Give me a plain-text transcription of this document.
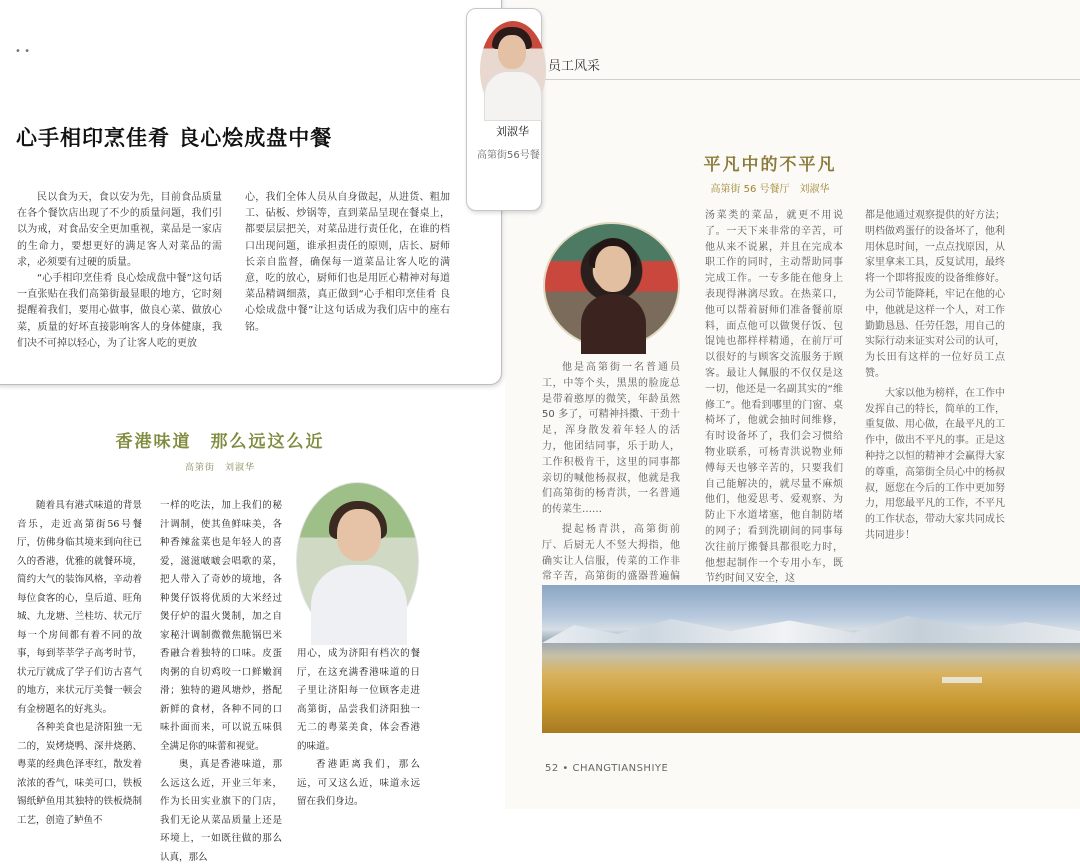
员工风采
平凡中的不平凡
高第街 56 号餐厅　刘淑华

他是高第街一名普通员工，中等个头，黑黑的脸庞总是带着憨厚的微笑，年龄虽然 50 多了，可精神抖擞、干劲十足，浑身散发着年轻人的活力，他团结同事，乐于助人，工作积极肯干，这里的同事都亲切的喊他杨叔叔，他就是我们高第街的杨青洪，一名普通的传菜生……

提起杨青洪，高第街前厅、后厨无人不竖大拇指，他确实让人信服，传菜的工作非常辛苦，高第街的盛器普遍偏

汤菜类的菜品，就更不用说了。一天下来非常的辛苦，可他从来不说累，并且在完成本职工作的同时，主动帮助同事完成工作。一专多能在他身上表现得淋漓尽致。在热菜口，他可以帮着厨师们准备餐前原料，面点他可以做煲仔饭、包馄饨也都样样精通，在前厅可以很好的与顾客交流服务于顾客。最让人佩服的不仅仅是这一切，他还是一名副其实的“维修工”。他看到哪里的门窗、桌椅坏了，他就会抽时间维修，有时设备坏了，我们会习惯给物业联系，可杨青洪说物业师傅每天也够辛苦的，只要我们自己能解决的，就尽量不麻烦他们，他爱思考、爱观察、为防止下水道堵塞，他自制防堵的网子；看到洗刷间的同事每次往前厅搬餐具都很吃力时，他想起制作一个专用小车，既节约时间又安全，这

都是他通过观察提供的好方法；明档做鸡蛋仔的设备坏了，他利用休息时间，一点点找原因，从家里拿来工具，反复试用，最终将一个即将报废的设备维修好。为公司节能降耗，牢记在他的心中，他就是这样一个人，对工作勤勤恳恳、任劳任怨，用自己的实际行动来证实对公司的认可，为长田有这样的一位好员工点赞。

大家以他为榜样，在工作中发挥自己的特长，简单的工作，重复做、用心做，在最平凡的工作中，做出不平凡的事。正是这种持之以恒的精神才会赢得大家的尊重，高第街全员心中的杨叔叔，愿您在今后的工作中更加努力，用您最平凡的工作，不平凡的工作状态，带动大家共同成长共同进步！

52 • CHANGTIANSHIYE
• •
心手相印烹佳肴 良心烩成盘中餐

民以食为天，食以安为先，目前食品质量在各个餐饮店出现了不少的质量问题，我们引以为戒，对食品安全更加重视，菜品是一家店的生命力，要想更好的满足客人对菜品的需求，必须要有过硬的质量。

“心手相印烹佳肴 良心烩成盘中餐”这句话一直张贴在我们高第街最显眼的地方，它时刻提醒着我们，要用心做事，做良心菜、做放心菜，质量的好坏直接影响客人的身体健康，我们决不可掉以轻心，为了让客人吃的更放

心，我们全体人员从自身做起，从进货、粗加工、砧板、炒锅等，直到菜品呈现在餐桌上，都要层层把关，对菜品进行责任化，在谁的档口出现问题，谁承担责任的原则，店长、厨师长亲自监督，确保每一道菜品让客人吃的满意，吃的放心，厨师们也是用匠心精神对每道菜品精调细蒸，真正做到“心手相印烹佳肴 良心烩成盘中餐”让这句话成为我们店中的座右铭。

刘淑华
高第街56号餐
香港味道　那么远这么近
高第街　刘淑华

随着具有港式味道的背景音乐，走近高第街56号餐厅，仿佛身临其境来到向往已久的香港，优雅的就餐环境，简约大气的装饰风格，辛动着每位食客的心，皇后道、旺角城、九龙塘、兰桂坊、状元厅每一个房间都有着不同的故事，每到莘莘学子高考时节，状元厅就成了学子们访古喜气的地方，来状元厅美餐一顿会有金榜题名的好兆头。

各种美食也是济阳独一无二的，炭烤烧鸭、深井烧鹅、粤菜的经典色泽枣红，散发着浓浓的香气，味美可口，铁板锡纸鲈鱼用其独特的铁板烧制工艺，创造了鲈鱼不

一样的吃法，加上我们的秘汁调制，使其鱼鲜味美，各种香辣盆菜也是年轻人的喜爱，滋滋啵啵会唱歌的菜，把人带入了奇妙的境地，各种煲仔饭将优质的大米经过煲仔炉的温火煲制，加之自家秘汁调制微微焦脆锅巴米香融合着独特的口味。皮蛋肉粥的自切鸡咬一口鲜嫩润滑；独特的避风塘炒，搭配新鲜的食材，各种不同的口味扑面而来，可以说五味俱全满足你的味蕾和视觉。

奥，真是香港味道，那么远这么近，开业三年来，作为长田实业旗下的门店，我们无论从菜品质量上还是环境上，一如既往做的那么认真，那么

用心，成为济阳有档次的餐厅，在这充满香港味道的日子里让济阳每一位顾客走进高第街，品尝我们济阳独一无二的粤菜美食，体会香港的味道。

香港距离我们，那么远，可又这么近，味道永远留在我们身边。
